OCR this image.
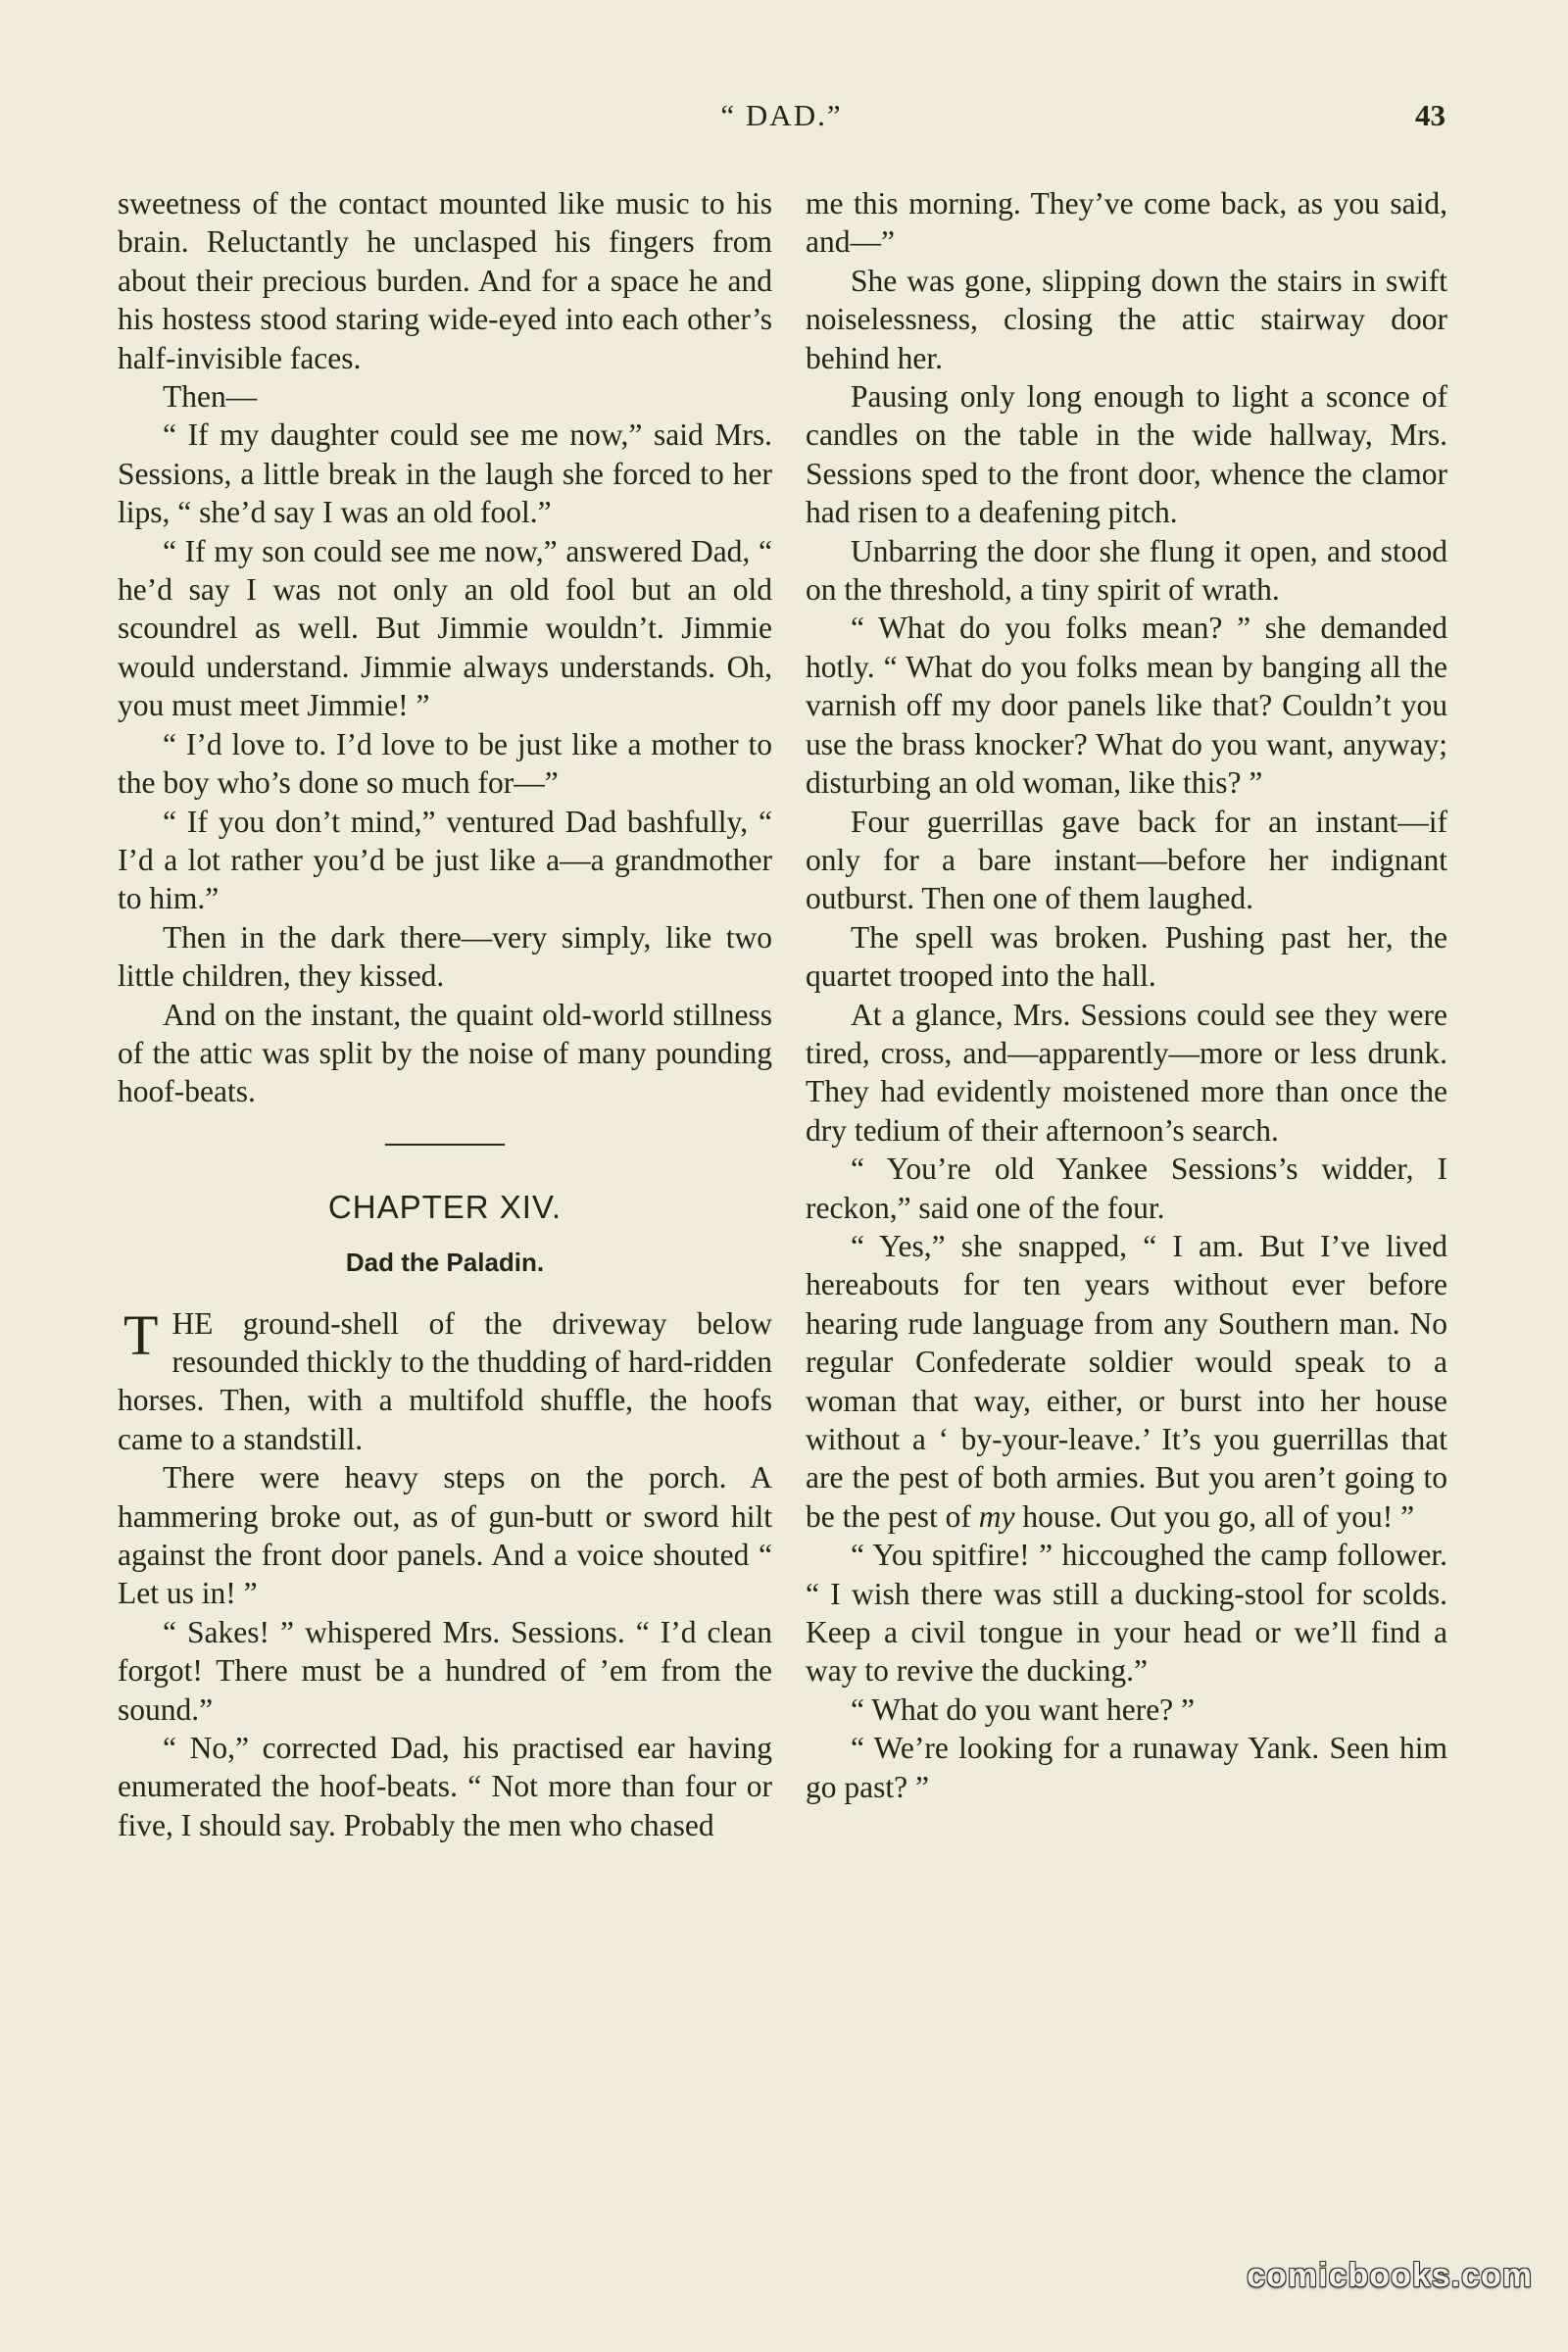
“ DAD.”	43

sweetness of the contact mounted like music to his brain. Reluctantly he unclasped his fingers from about their precious burden. And for a space he and his hostess stood staring wide-eyed into each other’s half-invisible faces.

Then—

“ If my daughter could see me now,” said Mrs. Sessions, a little break in the laugh she forced to her lips, “ she’d say I was an old fool.”

“ If my son could see me now,” answered Dad, “ he’d say I was not only an old fool but an old scoundrel as well. But Jimmie wouldn’t. Jimmie would understand. Jimmie always understands. Oh, you must meet Jimmie! ”

“ I’d love to. I’d love to be just like a mother to the boy who’s done so much for—”

“ If you don’t mind,” ventured Dad bashfully, “ I’d a lot rather you’d be just like a—a grandmother to him.”

Then in the dark there—very simply, like two little children, they kissed.

And on the instant, the quaint old-world stillness of the attic was split by the noise of many pounding hoof-beats.

CHAPTER XIV.
Dad the Paladin.

THE ground-shell of the driveway below resounded thickly to the thudding of hard-ridden horses. Then, with a multifold shuffle, the hoofs came to a standstill.

There were heavy steps on the porch. A hammering broke out, as of gun-butt or sword hilt against the front door panels. And a voice shouted “ Let us in! ”

“ Sakes! ” whispered Mrs. Sessions. “ I’d clean forgot! There must be a hundred of ’em from the sound.”

“ No,” corrected Dad, his practised ear having enumerated the hoof-beats. “ Not more than four or five, I should say. Probably the men who chased

me this morning. They’ve come back, as you said, and—”

She was gone, slipping down the stairs in swift noiselessness, closing the attic stairway door behind her.

Pausing only long enough to light a sconce of candles on the table in the wide hallway, Mrs. Sessions sped to the front door, whence the clamor had risen to a deafening pitch.

Unbarring the door she flung it open, and stood on the threshold, a tiny spirit of wrath.

“ What do you folks mean? ” she demanded hotly. “ What do you folks mean by banging all the varnish off my door panels like that? Couldn’t you use the brass knocker? What do you want, anyway; disturbing an old woman, like this? ”

Four guerrillas gave back for an instant—if only for a bare instant—before her indignant outburst. Then one of them laughed.

The spell was broken. Pushing past her, the quartet trooped into the hall.

At a glance, Mrs. Sessions could see they were tired, cross, and—apparently—more or less drunk. They had evidently moistened more than once the dry tedium of their afternoon’s search.

“ You’re old Yankee Sessions’s widder, I reckon,” said one of the four.

“ Yes,” she snapped, “ I am. But I’ve lived hereabouts for ten years without ever before hearing rude language from any Southern man. No regular Confederate soldier would speak to a woman that way, either, or burst into her house without a ‘ by-your-leave.’ It’s you guerrillas that are the pest of both armies. But you aren’t going to be the pest of my house. Out you go, all of you! ”

“ You spitfire! ” hiccoughed the camp follower. “ I wish there was still a ducking-stool for scolds. Keep a civil tongue in your head or we’ll find a way to revive the ducking.”

“ What do you want here? ”

“ We’re looking for a runaway Yank. Seen him go past? ”

comicbooks.com
